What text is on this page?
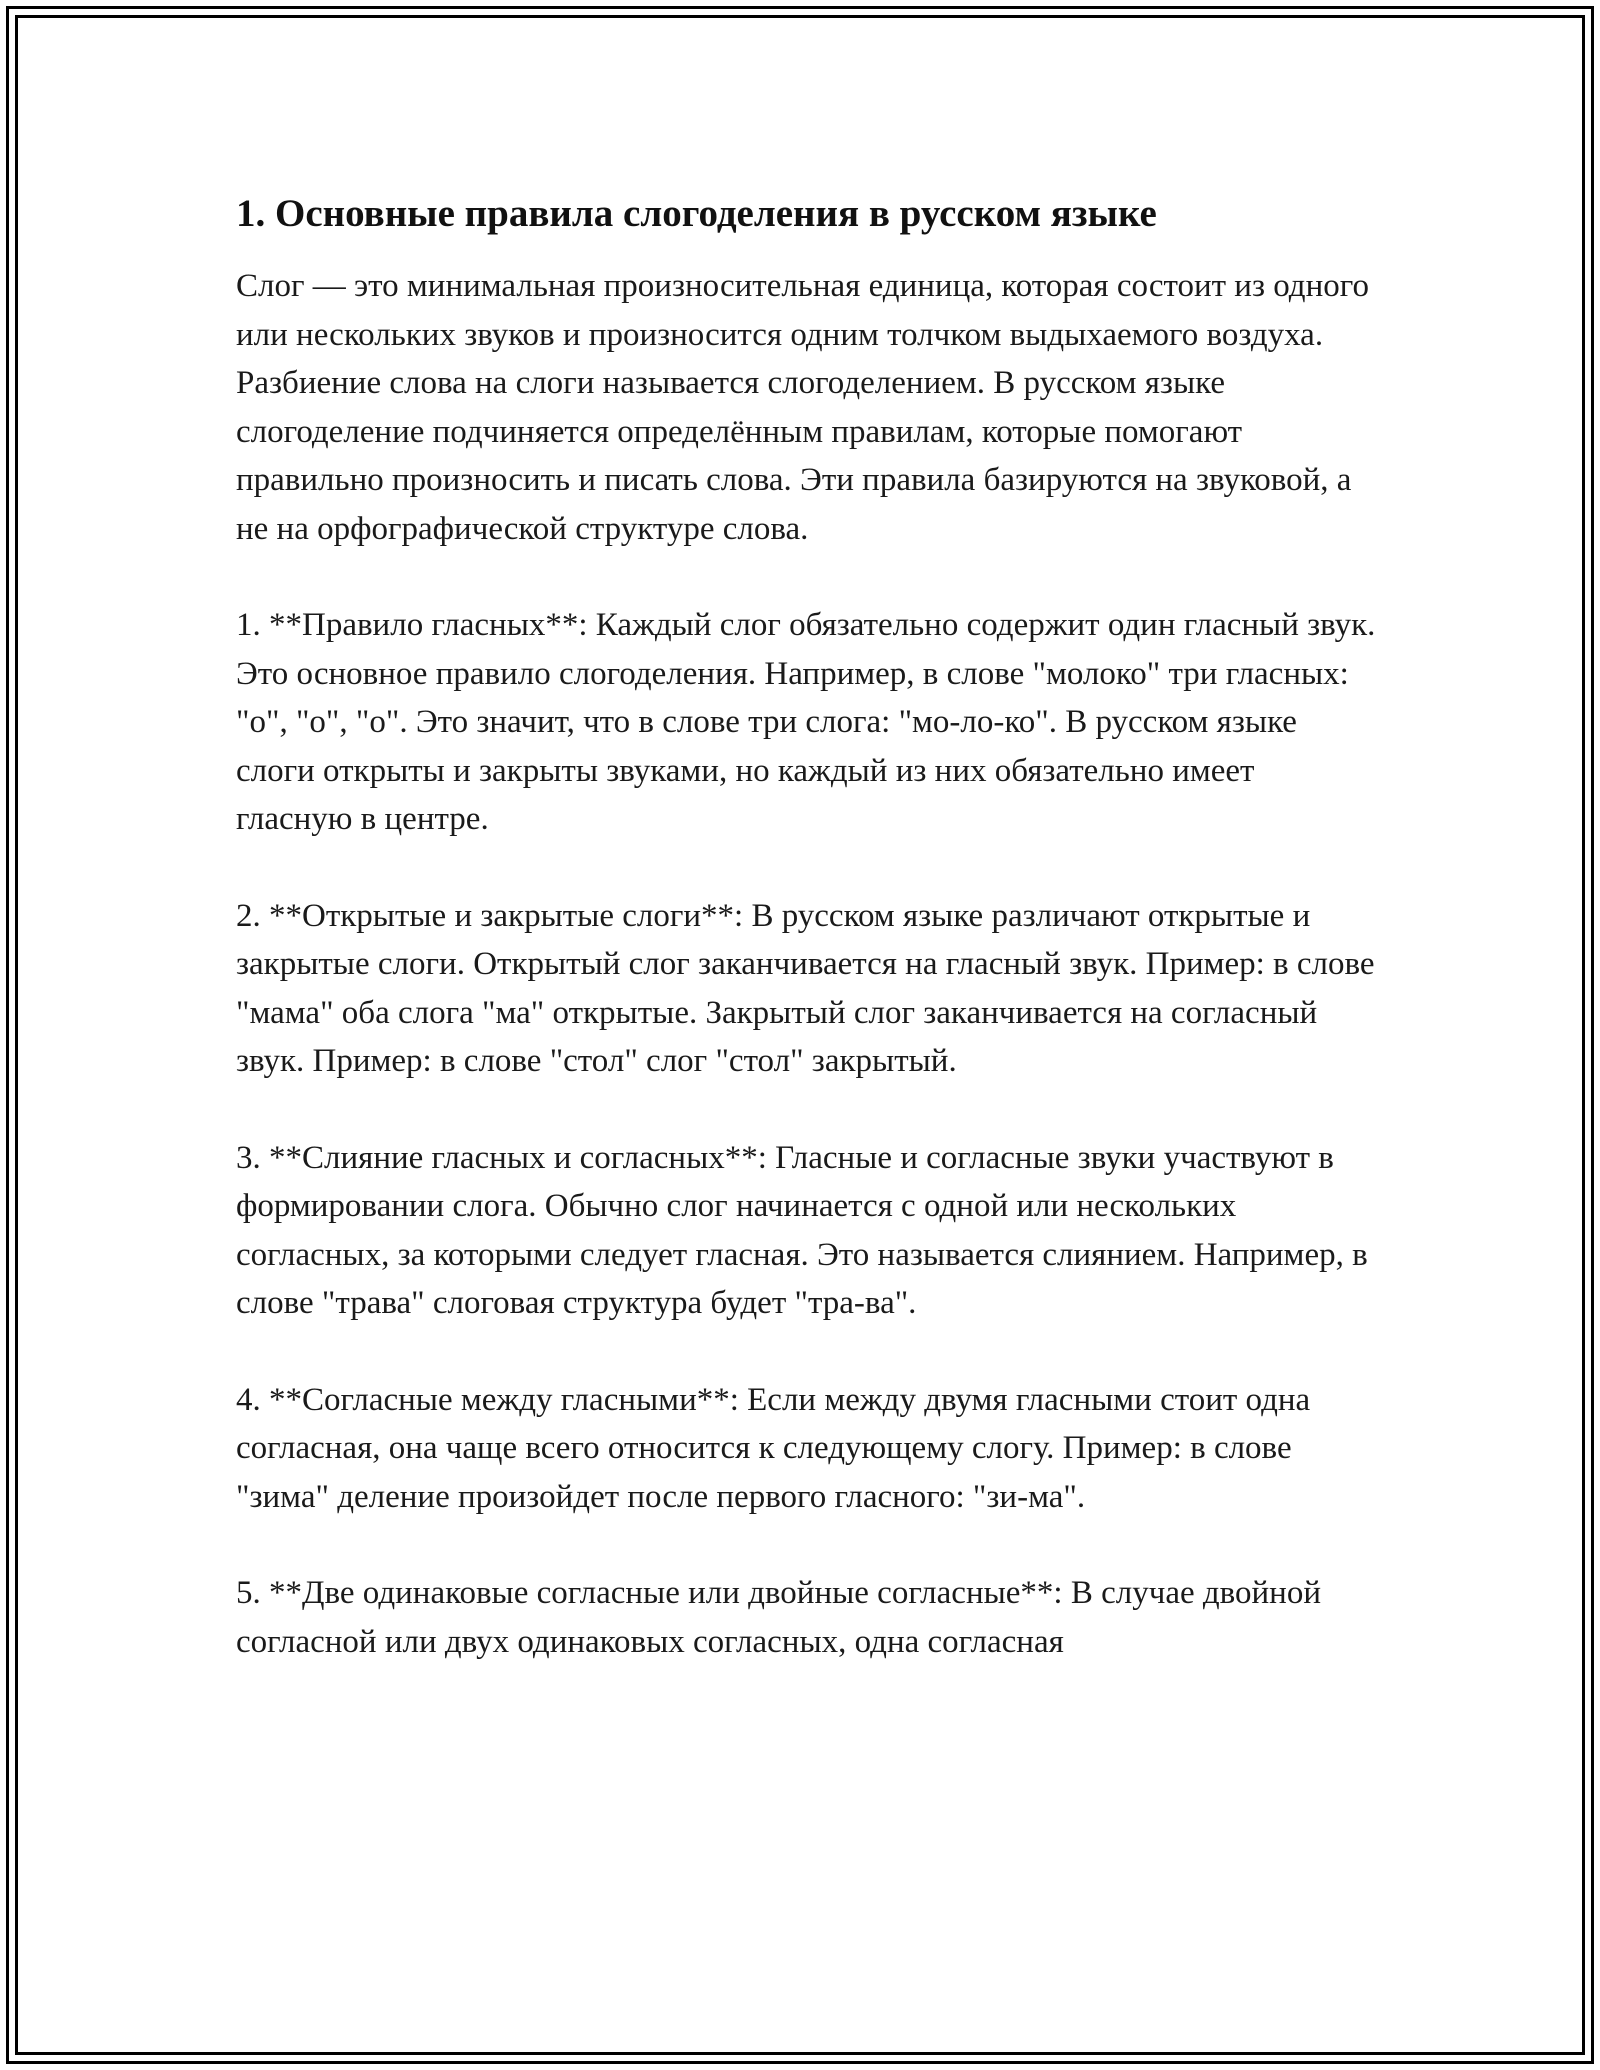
1. Основные правила слогоделения в русском языке

Слог — это минимальная произносительная единица, которая состоит из одного или нескольких звуков и произносится одним толчком выдыхаемого воздуха. Разбиение слова на слоги называется слогоделением. В русском языке слогоделение подчиняется определённым правилам, которые помогают правильно произносить и писать слова. Эти правила базируются на звуковой, а не на орфографической структуре слова.

1. **Правило гласных**: Каждый слог обязательно содержит один гласный звук. Это основное правило слогоделения. Например, в слове "молоко" три гласных: "о", "о", "о". Это значит, что в слове три слога: "мо-ло-ко". В русском языке слоги открыты и закрыты звуками, но каждый из них обязательно имеет гласную в центре.

2. **Открытые и закрытые слоги**: В русском языке различают открытые и закрытые слоги. Открытый слог заканчивается на гласный звук. Пример: в слове "мама" оба слога "ма" открытые. Закрытый слог заканчивается на согласный звук. Пример: в слове "стол" слог "стол" закрытый.

3. **Слияние гласных и согласных**: Гласные и согласные звуки участвуют в формировании слога. Обычно слог начинается с одной или нескольких согласных, за которыми следует гласная. Это называется слиянием. Например, в слове "трава" слоговая структура будет "тра-ва".

4. **Согласные между гласными**: Если между двумя гласными стоит одна согласная, она чаще всего относится к следующему слогу. Пример: в слове "зима" деление произойдет после первого гласного: "зи-ма".

5. **Две одинаковые согласные или двойные согласные**: В случае двойной согласной или двух одинаковых согласных, одна согласная
